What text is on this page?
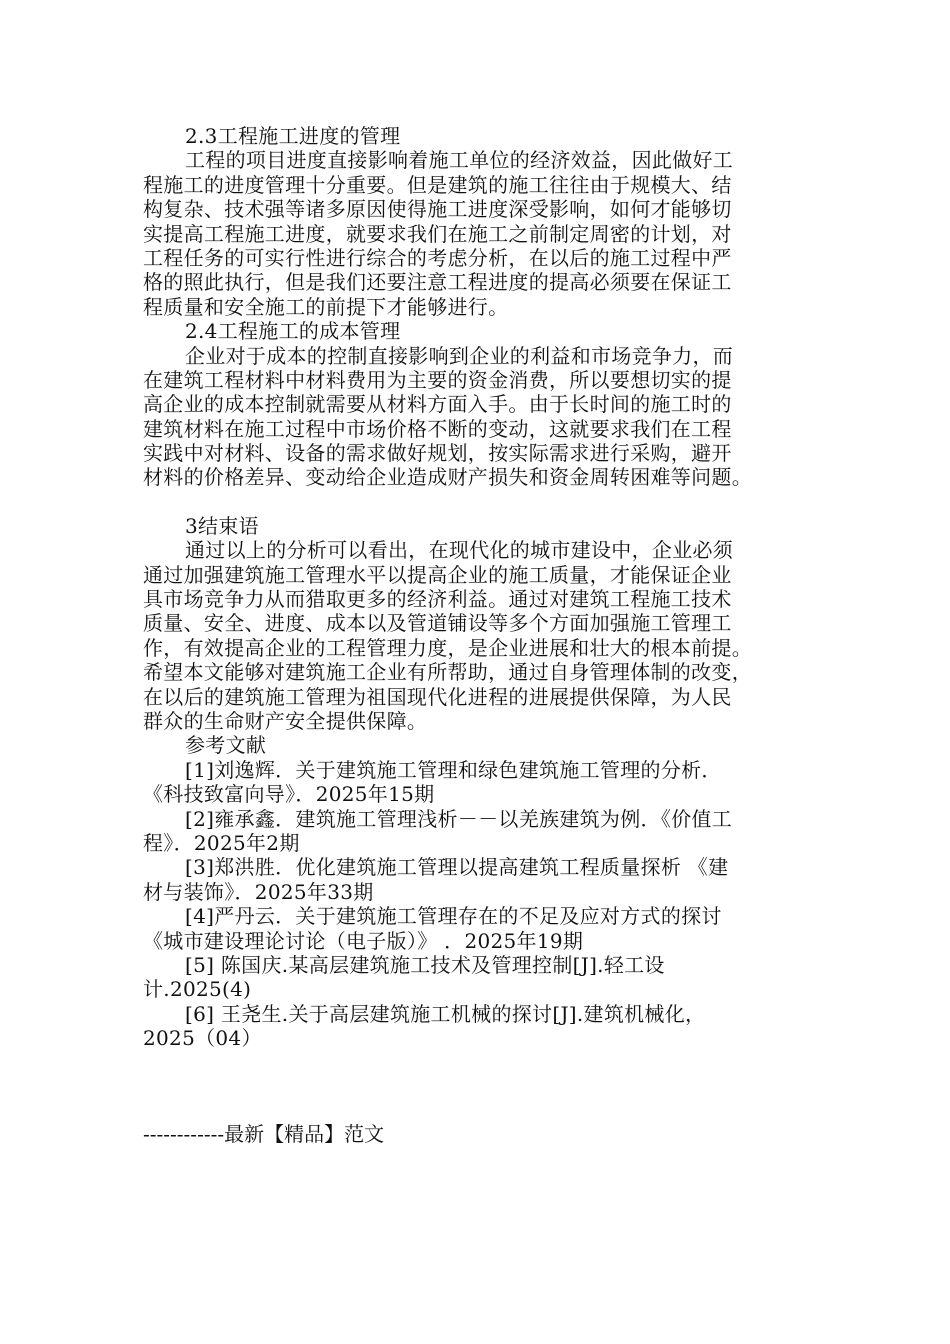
2.3工程施工进度的管理
工程的项目进度直接影响着施工单位的经济效益，因此做好工
程施工的进度管理十分重要。但是建筑的施工往往由于规模大、结
构复杂、技术强等诸多原因使得施工进度深受影响，如何才能够切
实提高工程施工进度，就要求我们在施工之前制定周密的计划，对
工程任务的可实行性进行综合的考虑分析，在以后的施工过程中严
格的照此执行，但是我们还要注意工程进度的提高必须要在保证工
程质量和安全施工的前提下才能够进行。
2.4工程施工的成本管理
企业对于成本的控制直接影响到企业的利益和市场竞争力，而
在建筑工程材料中材料费用为主要的资金消费，所以要想切实的提
高企业的成本控制就需要从材料方面入手。由于长时间的施工时的
建筑材料在施工过程中市场价格不断的变动，这就要求我们在工程
实践中对材料、设备的需求做好规划，按实际需求进行采购，避开
材料的价格差异、变动给企业造成财产损失和资金周转困难等问题。
3结束语
通过以上的分析可以看出，在现代化的城市建设中，企业必须
通过加强建筑施工管理水平以提高企业的施工质量，才能保证企业
具市场竞争力从而猎取更多的经济利益。通过对建筑工程施工技术
质量、安全、进度、成本以及管道铺设等多个方面加强施工管理工
作，有效提高企业的工程管理力度，是企业进展和壮大的根本前提。
希望本文能够对建筑施工企业有所帮助，通过自身管理体制的改变，
在以后的建筑施工管理为祖国现代化进程的进展提供保障，为人民
群众的生命财产安全提供保障。
参考文献
[1]刘逸辉．关于建筑施工管理和绿色建筑施工管理的分析．
《科技致富向导》．2025年15期
[2]雍承鑫．建筑施工管理浅析－－以羌族建筑为例．《价值工
程》．2025年2期
[3]郑洪胜．优化建筑施工管理以提高建筑工程质量探析 《建
材与装饰》．2025年33期
[4]严丹云．关于建筑施工管理存在的不足及应对方式的探讨
《城市建设理论讨论（电子版）》 ．2025年19期
[5] 陈国庆.某高层建筑施工技术及管理控制[J].轻工设
计.2025(4)
[6] 王尧生.关于高层建筑施工机械的探讨[J].建筑机械化，
2025（04）
------------最新【精品】范文
